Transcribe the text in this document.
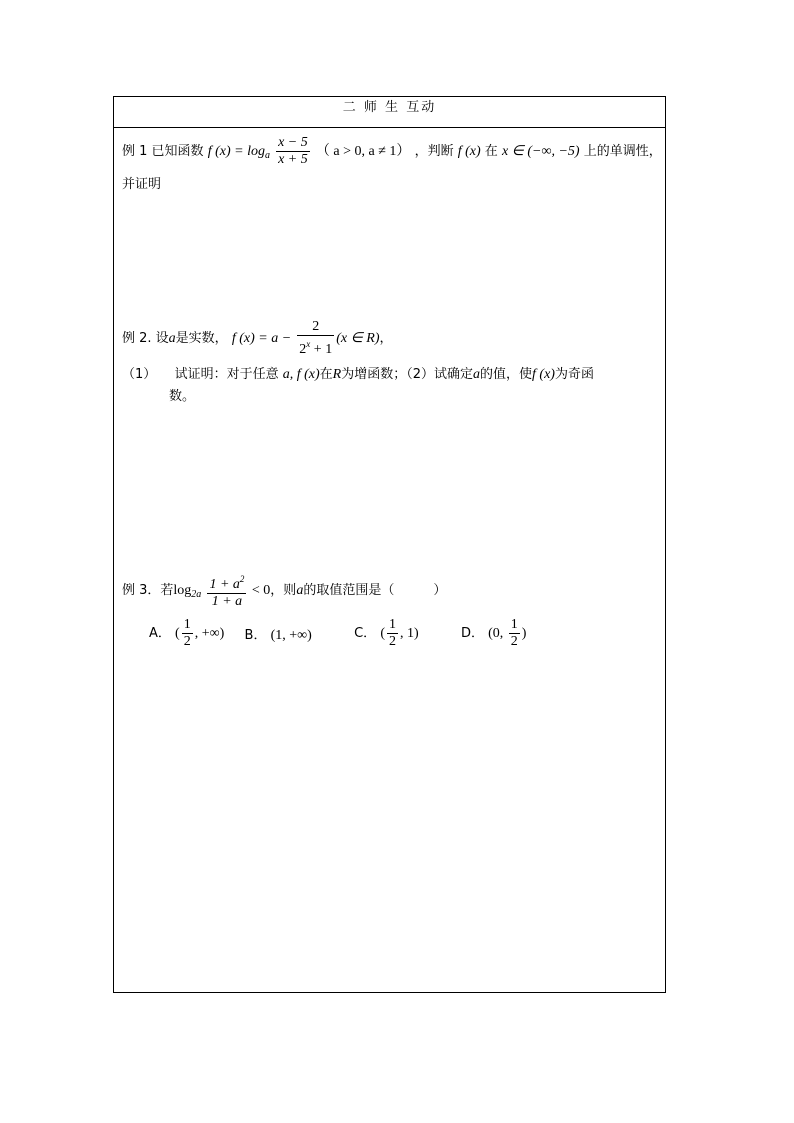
二 师 生 互动
例 1 已知函数 f $(x) = \log_a \frac{x - 5}{x + 5}$ （ a > 0, a ≠ 1） ，判断 f (x) 在 x ∈ (−∞, −5) 上的单调性，
并证明
例 2. 设a是实数， f $(x) = a - \frac{2}{2^x + 1} (x$ ∈ R)，
（1） 试证明：对于任意 a, f (x)在R为增函数；（2）试确定a的值，使f (x)为奇函
数。
例 3．若$\log_{2a} \frac{1 + a^2}{1 + a} < 0$，则a的取值范围是（　　　）
A． ( $\frac{1}{2}$ , +∞) B． (1, +∞)	C． ( $\frac{1}{2}$ , 1)	D． (0, $\frac{1}{2}$ )
